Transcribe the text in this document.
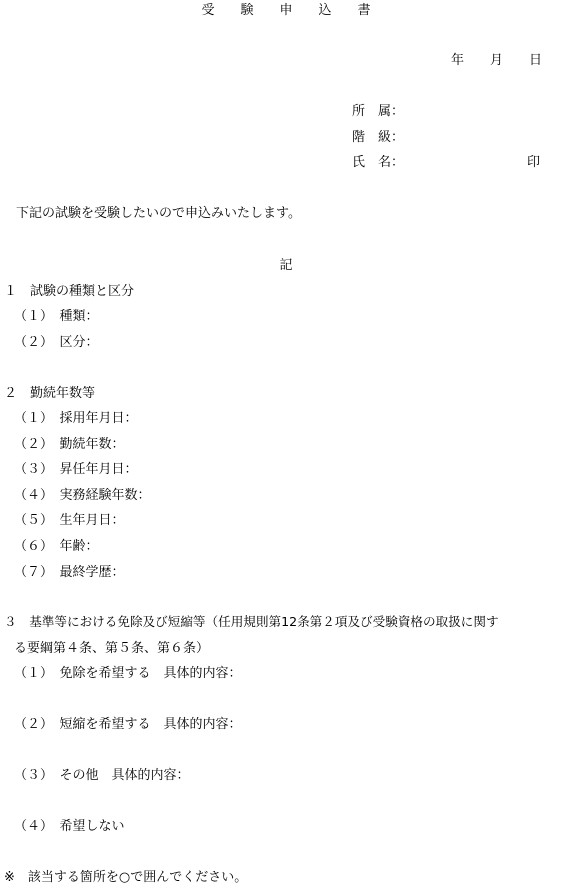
受　　験　　申　　込　　書
年　　月　　日
所　属：
階　級：
氏　名：	印
下記の試験を受験したいので申込みいたします。
記
１　試験の種類と区分
（１）　種類：
（２）　区分：
２　勤続年数等
（１）　採用年月日：
（２）　勤続年数：
（３）　昇任年月日：
（４）　実務経験年数：
（５）　生年月日：
（６）　年齢：
（７）　最終学歴：
３　基準等における免除及び短縮等（任用規則第12条第２項及び受験資格の取扱に関す
る要綱第４条、第５条、第６条）
（１）　免除を希望する　具体的内容：
（２）　短縮を希望する　具体的内容：
（３）　その他　具体的内容：
（４）　希望しない
※　該当する箇所を○で囲んでください。
